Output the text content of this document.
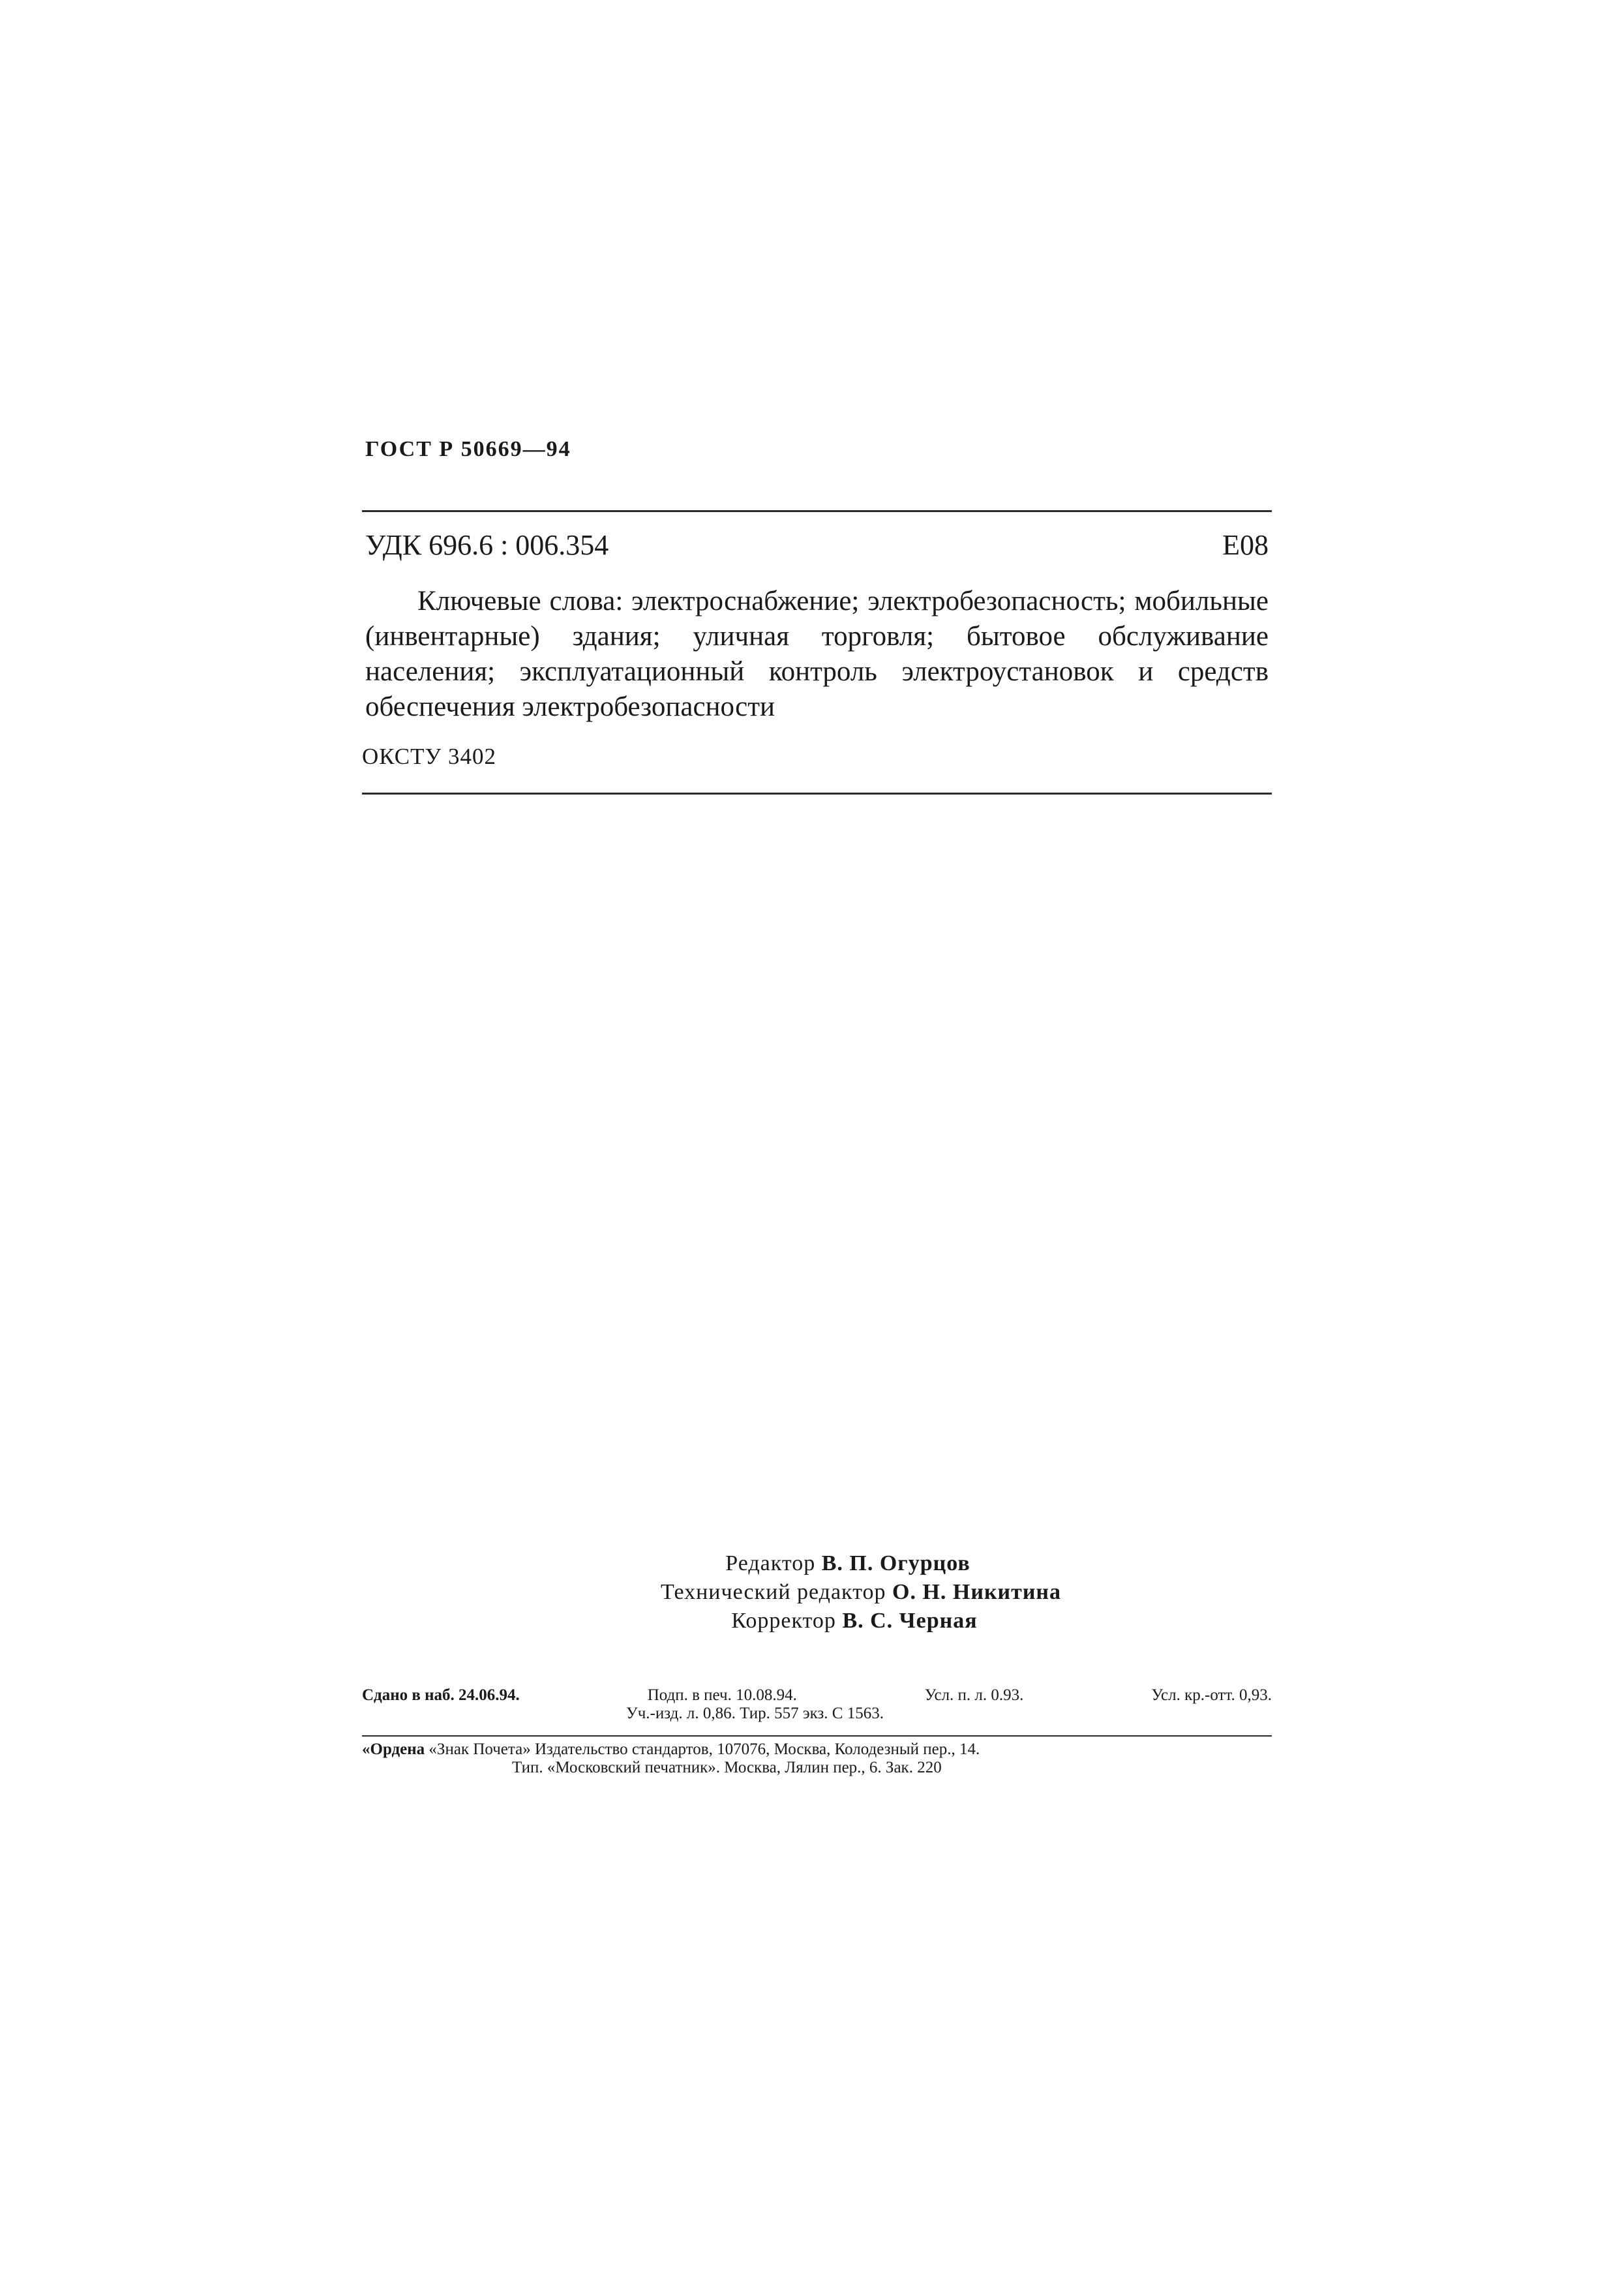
ГОСТ Р 50669—94
УДК 696.6 : 006.354	Е08
Ключевые слова: электроснабжение; электробезопасность; мобильные (инвентарные) здания; уличная торговля; бытовое обслуживание населения; эксплуатационный контроль электроустановок и средств обеспечения электробезопасности
ОКСТУ 3402
Редактор В. П. Огурцов
Технический редактор О. Н. Никитина
Корректор В. С. Черная
Сдано в наб. 24.06.94.	Подп. в печ. 10.08.94.	Усл. п. л. 0.93.	Усл. кр.-отт. 0,93.
Уч.-изд. л. 0,86. Тир. 557 экз. С 1563.
«Ордена «Знак Почета» Издательство стандартов, 107076, Москва, Колодезный пер., 14.
Тип. «Московский печатник». Москва, Лялин пер., 6. Зак. 220
